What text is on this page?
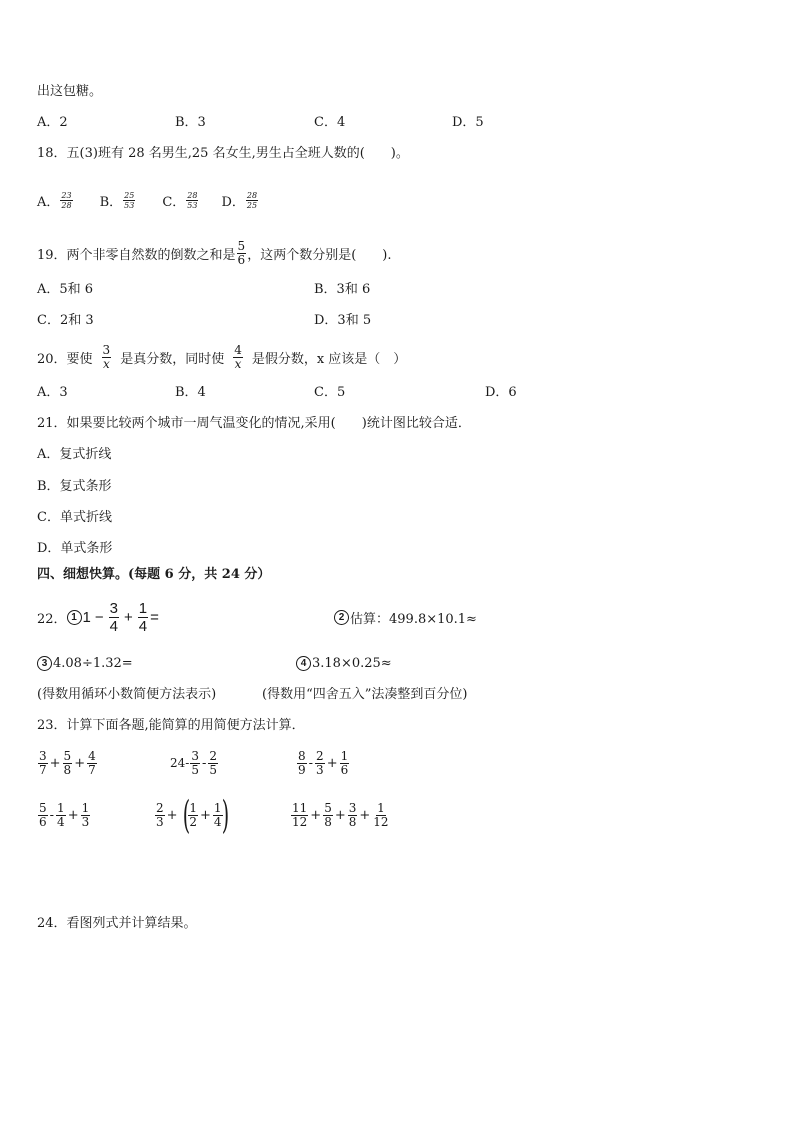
出这包糖。
A．2	B．3	C．4	D．5
18．五(3)班有 28 名男生,25 名女生,男生占全班人数的(　　)。
A． $\frac{23}{28}$ B． $\frac{25}{53}$ C． $\frac{28}{53}$ D． $\frac{28}{25}$
19．两个非零自然数的倒数之和是 $\frac{5}{6}$ ，这两个数分别是(　　).
A．5和 6	B．3和 6
C．2和 3	D．3和 5
20．要使 $\frac{3}{x}$ 是真分数，同时使 $\frac{4}{x}$ 是假分数，x 应该是（　）
A．3	B．4	C．5	D．6
21．如果要比较两个城市一周气温变化的情况,采用(　　)统计图比较合适．
A．复式折线
B．复式条形
C．单式折线
D．单式条形
四、细想快算。(每题 6 分，共 24 分）
22． 1 $1 - \frac{3}{4} + \frac{1}{4}$ =	2 估算：499.8×10.1≈
3 4.08÷1.32=	4 3.18×0.25≈
(得数用循环小数简便方法表示)	(得数用“四舍五入”法凑整到百分位)
23．计算下面各题,能简算的用简便方法计算．
$\frac{3}{7} + \frac{5}{8} + \frac{4}{7}$	$24- \frac{3}{5} - \frac{2}{5}$	$\frac{8}{9} - \frac{2}{3} + \frac{1}{6}$
$\frac{5}{6} - \frac{1}{4} + \frac{1}{3}$	$\frac{2}{3}$ + (
$\frac{1}{2} + \frac{1}{4}$
)	$\frac{11}{12} + \frac{5}{8} + \frac{3}{8} + \frac{1}{12}$
24．看图列式并计算结果。
